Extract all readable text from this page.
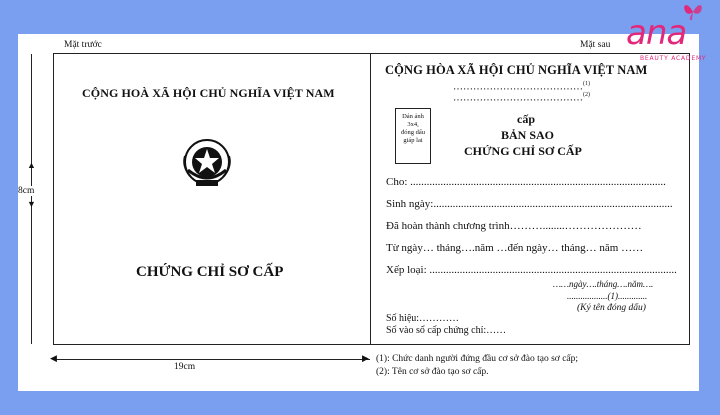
Mặt trước	Mặt sau
▲
▼
8cm
CỘNG HOÀ XÃ HỘI CHỦ NGHĨA VIỆT NAM
CHỨNG CHỈ SƠ CẤP
CỘNG HÒA XÃ HỘI CHỦ NGHĨA VIỆT NAM
…………………………………$^{(1)}$
…………………………………$^{(2)}$
Dán ảnh
3x4,
đóng dấu
giáp lai
cấp
BẢN SAO
CHỨNG CHỈ SƠ CẤP
Cho: .............................................................................................
Sinh ngày:.......................................................................................
Đã hoàn thành chương trình………........…………………
Từ ngày… tháng….năm …đến ngày… tháng… năm ……
Xếp loại: ..........................................................................................
……ngày….tháng….năm….
..................(1).............
(Ký tên đóng dấu)
Số hiệu:…………
Số vào sổ cấp chứng chỉ:……
◀	▶
19cm
(1): Chức danh người đứng đầu cơ sở đào tạo sơ cấp;
(2): Tên cơ sở đào tạo sơ cấp.
ana
BEAUTY ACADEMY
